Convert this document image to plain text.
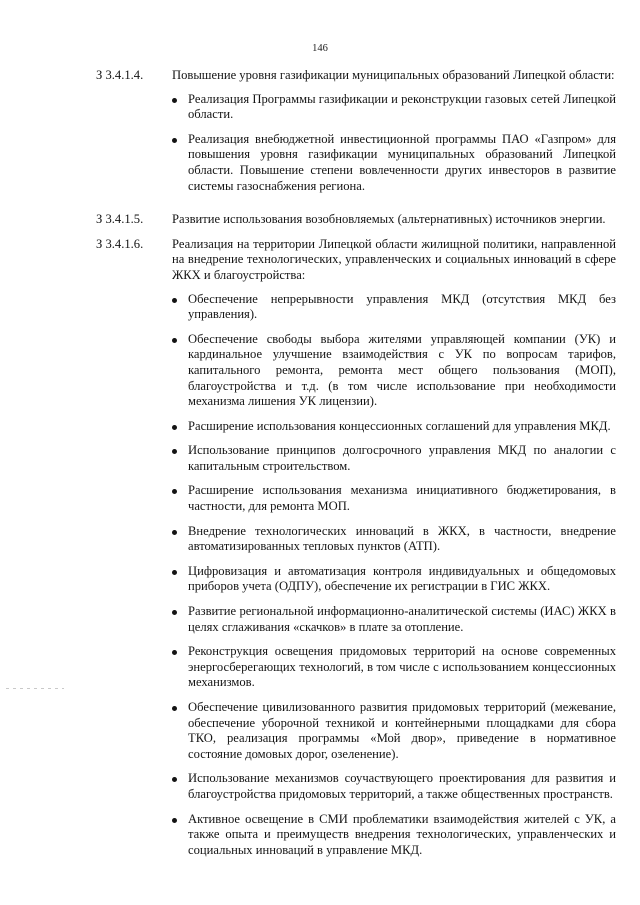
146
З 3.4.1.4.	Повышение уровня газификации муниципальных образований Липецкой области:

Реализация Программы газификации и реконструкции газовых сетей Липецкой области.
Реализация внебюджетной инвестиционной программы ПАО «Газпром» для повышения уровня газификации муниципальных образований Липецкой области. Повышение степени вовлеченности других инвесторов в развитие системы газоснабжения региона.
З 3.4.1.5.	Развитие использования возобновляемых (альтернативных) источников энергии.

З 3.4.1.6.	Реализация на территории Липецкой области жилищной политики, направленной на внедрение технологических, управленческих и социальных инноваций в сфере ЖКХ и благоустройства:

Обеспечение непрерывности управления МКД (отсутствия МКД без управления).
Обеспечение свободы выбора жителями управляющей компании (УК) и кардинальное улучшение взаимодействия с УК по вопросам тарифов, капитального ремонта, ремонта мест общего пользования (МОП), благоустройства и т.д. (в том числе использование при необходимости механизма лишения УК лицензии).
Расширение использования концессионных соглашений для управления МКД.
Использование принципов долгосрочного управления МКД по аналогии с капитальным строительством.
Расширение использования механизма инициативного бюджетирования, в частности, для ремонта МОП.
Внедрение технологических инноваций в ЖКХ, в частности, внедрение автоматизированных тепловых пунктов (АТП).
Цифровизация и автоматизация контроля индивидуальных и общедомовых приборов учета (ОДПУ), обеспечение их регистрации в ГИС ЖКХ.
Развитие региональной информационно-аналитической системы (ИАС) ЖКХ в целях сглаживания «скачков» в плате за отопление.
Реконструкция освещения придомовых территорий на основе современных энергосберегающих технологий, в том числе с использованием концессионных механизмов.
Обеспечение цивилизованного развития придомовых территорий (межевание, обеспечение уборочной техникой и контейнерными площадками для сбора ТКО, реализация программы «Мой двор», приведение в нормативное состояние домовых дорог, озеленение).
Использование механизмов соучаствующего проектирования для развития и благоустройства придомовых территорий, а также общественных пространств.
Активное освещение в СМИ проблематики взаимодействия жителей с УК, а также опыта и преимуществ внедрения технологических, управленческих и социальных инноваций в управление МКД.
